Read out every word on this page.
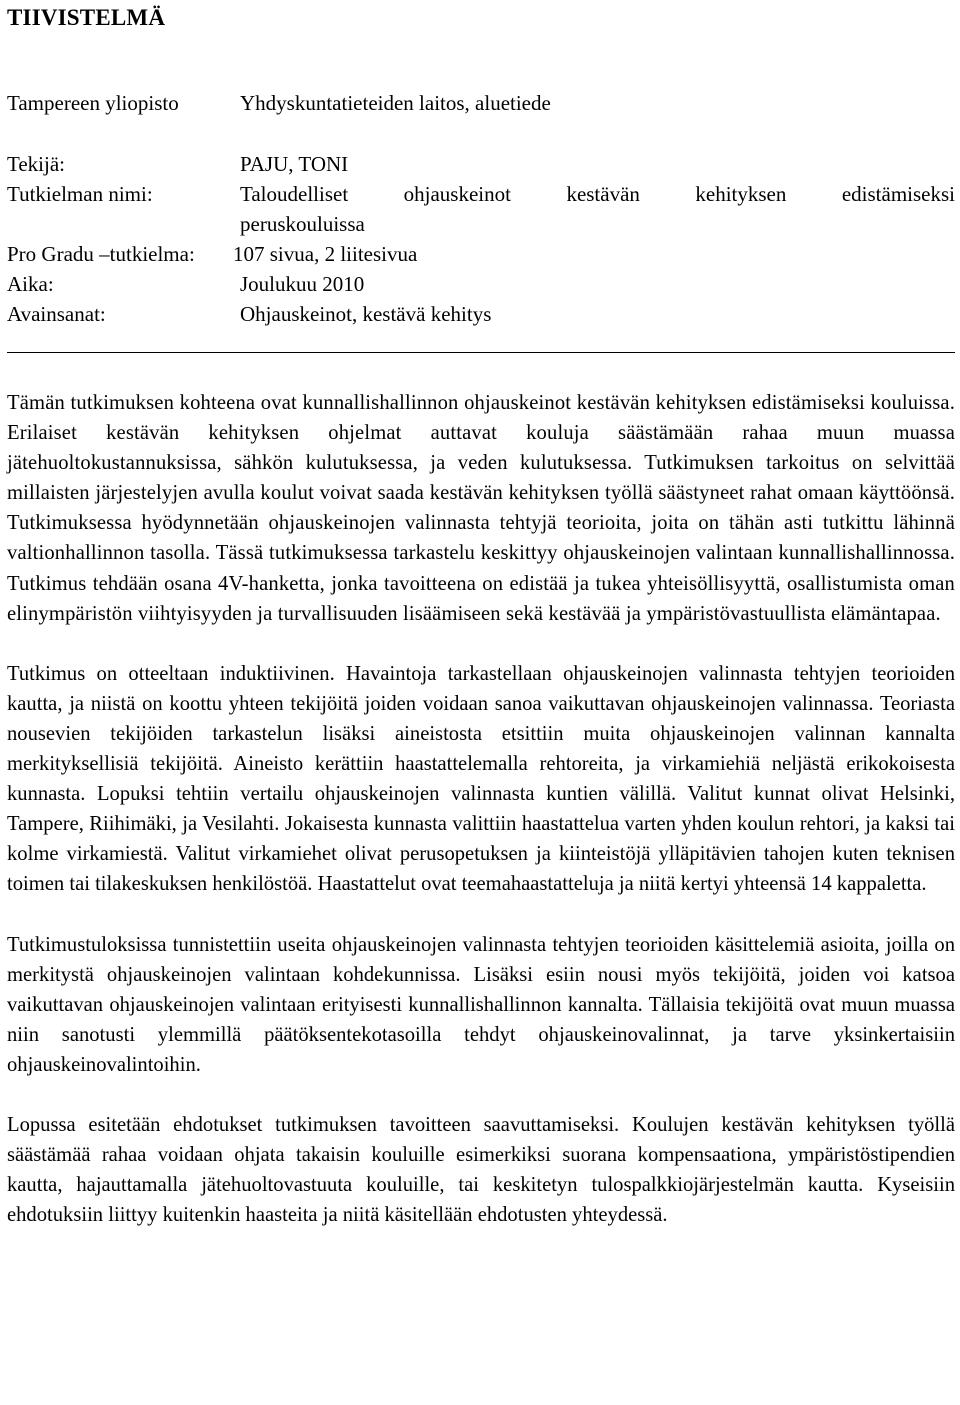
TIIVISTELMÄ
Tampereen yliopisto	Yhdyskuntatieteiden laitos, aluetiede
Tekijä:	PAJU, TONI
Tutkielman nimi:	Taloudelliset ohjauskeinot kestävän kehityksen edistämiseksi
peruskouluissa
Pro Gradu –tutkielma: 107 sivua, 2 liitesivua
Aika:	Joulukuu 2010
Avainsanat:	Ohjauskeinot, kestävä kehitys

Tämän tutkimuksen kohteena ovat kunnallishallinnon ohjauskeinot kestävän kehityksen edistämiseksi kouluissa. Erilaiset kestävän kehityksen ohjelmat auttavat kouluja säästämään rahaa muun muassa jätehuoltokustannuksissa, sähkön kulutuksessa, ja veden kulutuksessa. Tutkimuksen tarkoitus on selvittää millaisten järjestelyjen avulla koulut voivat saada kestävän kehityksen työllä säästyneet rahat omaan käyttöönsä. Tutkimuksessa hyödynnetään ohjauskeinojen valinnasta tehtyjä teorioita, joita on tähän asti tutkittu lähinnä valtionhallinnon tasolla. Tässä tutkimuksessa tarkastelu keskittyy ohjauskeinojen valintaan kunnallishallinnossa. Tutkimus tehdään osana 4V-hanketta, jonka tavoitteena on edistää ja tukea yhteisöllisyyttä, osallistumista oman elinympäristön viihtyisyyden ja turvallisuuden lisäämiseen sekä kestävää ja ympäristövastuullista elämäntapaa.

Tutkimus on otteeltaan induktiivinen. Havaintoja tarkastellaan ohjauskeinojen valinnasta tehtyjen teorioiden kautta, ja niistä on koottu yhteen tekijöitä joiden voidaan sanoa vaikuttavan ohjauskeinojen valinnassa. Teoriasta nousevien tekijöiden tarkastelun lisäksi aineistosta etsittiin muita ohjauskeinojen valinnan kannalta merkityksellisiä tekijöitä. Aineisto kerättiin haastattelemalla rehtoreita, ja virkamiehiä neljästä erikokoisesta kunnasta. Lopuksi tehtiin vertailu ohjauskeinojen valinnasta kuntien välillä. Valitut kunnat olivat Helsinki, Tampere, Riihimäki, ja Vesilahti. Jokaisesta kunnasta valittiin haastattelua varten yhden koulun rehtori, ja kaksi tai kolme virkamiestä. Valitut virkamiehet olivat perusopetuksen ja kiinteistöjä ylläpitävien tahojen kuten teknisen toimen tai tilakeskuksen henkilöstöä. Haastattelut ovat teemahaastatteluja ja niitä kertyi yhteensä 14 kappaletta.

Tutkimustuloksissa tunnistettiin useita ohjauskeinojen valinnasta tehtyjen teorioiden käsittelemiä asioita, joilla on merkitystä ohjauskeinojen valintaan kohdekunnissa. Lisäksi esiin nousi myös tekijöitä, joiden voi katsoa vaikuttavan ohjauskeinojen valintaan erityisesti kunnallishallinnon kannalta. Tällaisia tekijöitä ovat muun muassa niin sanotusti ylemmillä päätöksentekotasoilla tehdyt ohjauskeinovalinnat, ja tarve yksinkertaisiin ohjauskeinovalintoihin.

Lopussa esitetään ehdotukset tutkimuksen tavoitteen saavuttamiseksi. Koulujen kestävän kehityksen työllä säästämää rahaa voidaan ohjata takaisin kouluille esimerkiksi suorana kompensaationa, ympäristöstipendien kautta, hajauttamalla jätehuoltovastuuta kouluille, tai keskitetyn tulospalkkiojärjestelmän kautta. Kyseisiin ehdotuksiin liittyy kuitenkin haasteita ja niitä käsitellään ehdotusten yhteydessä.
